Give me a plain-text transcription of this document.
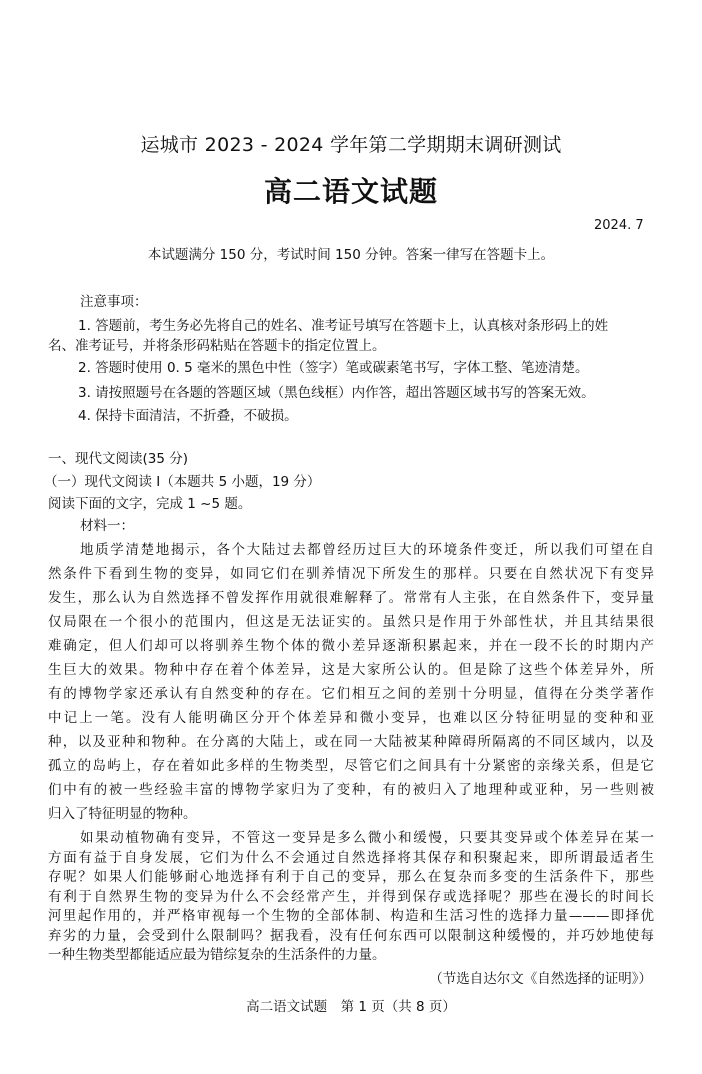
运城市 2023 - 2024 学年第二学期期末调研测试
高二语文试题
2024. 7
本试题满分 150 分，考试时间 150 分钟。答案一律写在答题卡上。
注意事项：
1. 答题前，考生务必先将自己的姓名、准考证号填写在答题卡上，认真核对条形码上的姓
名、准考证号，并将条形码粘贴在答题卡的指定位置上。
2. 答题时使用 0. 5 毫米的黑色中性（签字）笔或碳素笔书写，字体工整、笔迹清楚。
3. 请按照题号在各题的答题区域（黑色线框）内作答，超出答题区域书写的答案无效。
4. 保持卡面清洁，不折叠，不破损。
一、现代文阅读(35 分)
（一）现代文阅读 Ⅰ（本题共 5 小题，19 分）
阅读下面的文字，完成 1 ~5 题。
材料一：
地质学清楚地揭示，各个大陆过去都曾经历过巨大的环境条件变迁，所以我们可望在自
然条件下看到生物的变异，如同它们在驯养情况下所发生的那样。只要在自然状况下有变异
发生，那么认为自然选择不曾发挥作用就很难解释了。常常有人主张，在自然条件下，变异量
仅局限在一个很小的范围内，但这是无法证实的。虽然只是作用于外部性状，并且其结果很
难确定，但人们却可以将驯养生物个体的微小差异逐渐积累起来，并在一段不长的时期内产
生巨大的效果。物种中存在着个体差异，这是大家所公认的。但是除了这些个体差异外，所
有的博物学家还承认有自然变种的存在。它们相互之间的差别十分明显，值得在分类学著作
中记上一笔。没有人能明确区分开个体差异和微小变异，也难以区分特征明显的变种和亚
种，以及亚种和物种。在分离的大陆上，或在同一大陆被某种障碍所隔离的不同区域内，以及
孤立的岛屿上，存在着如此多样的生物类型，尽管它们之间具有十分紧密的亲缘关系，但是它
们中有的被一些经验丰富的博物学家归为了变种，有的被归入了地理种或亚种，另一些则被
归入了特征明显的物种。
如果动植物确有变异，不管这一变异是多么微小和缓慢，只要其变异或个体差异在某一
方面有益于自身发展，它们为什么不会通过自然选择将其保存和积聚起来，即所谓最适者生
存呢？如果人们能够耐心地选择有利于自己的变异，那么在复杂而多变的生活条件下，那些
有利于自然界生物的变异为什么不会经常产生，并得到保存或选择呢？那些在漫长的时间长
河里起作用的，并严格审视每一个生物的全部体制、构造和生活习性的选择力量———即择优
弃劣的力量，会受到什么限制吗？据我看，没有任何东西可以限制这种缓慢的，并巧妙地使每
一种生物类型都能适应最为错综复杂的生活条件的力量。
（节选自达尔文《自然选择的证明》）
高二语文试题　第 1 页（共 8 页）
